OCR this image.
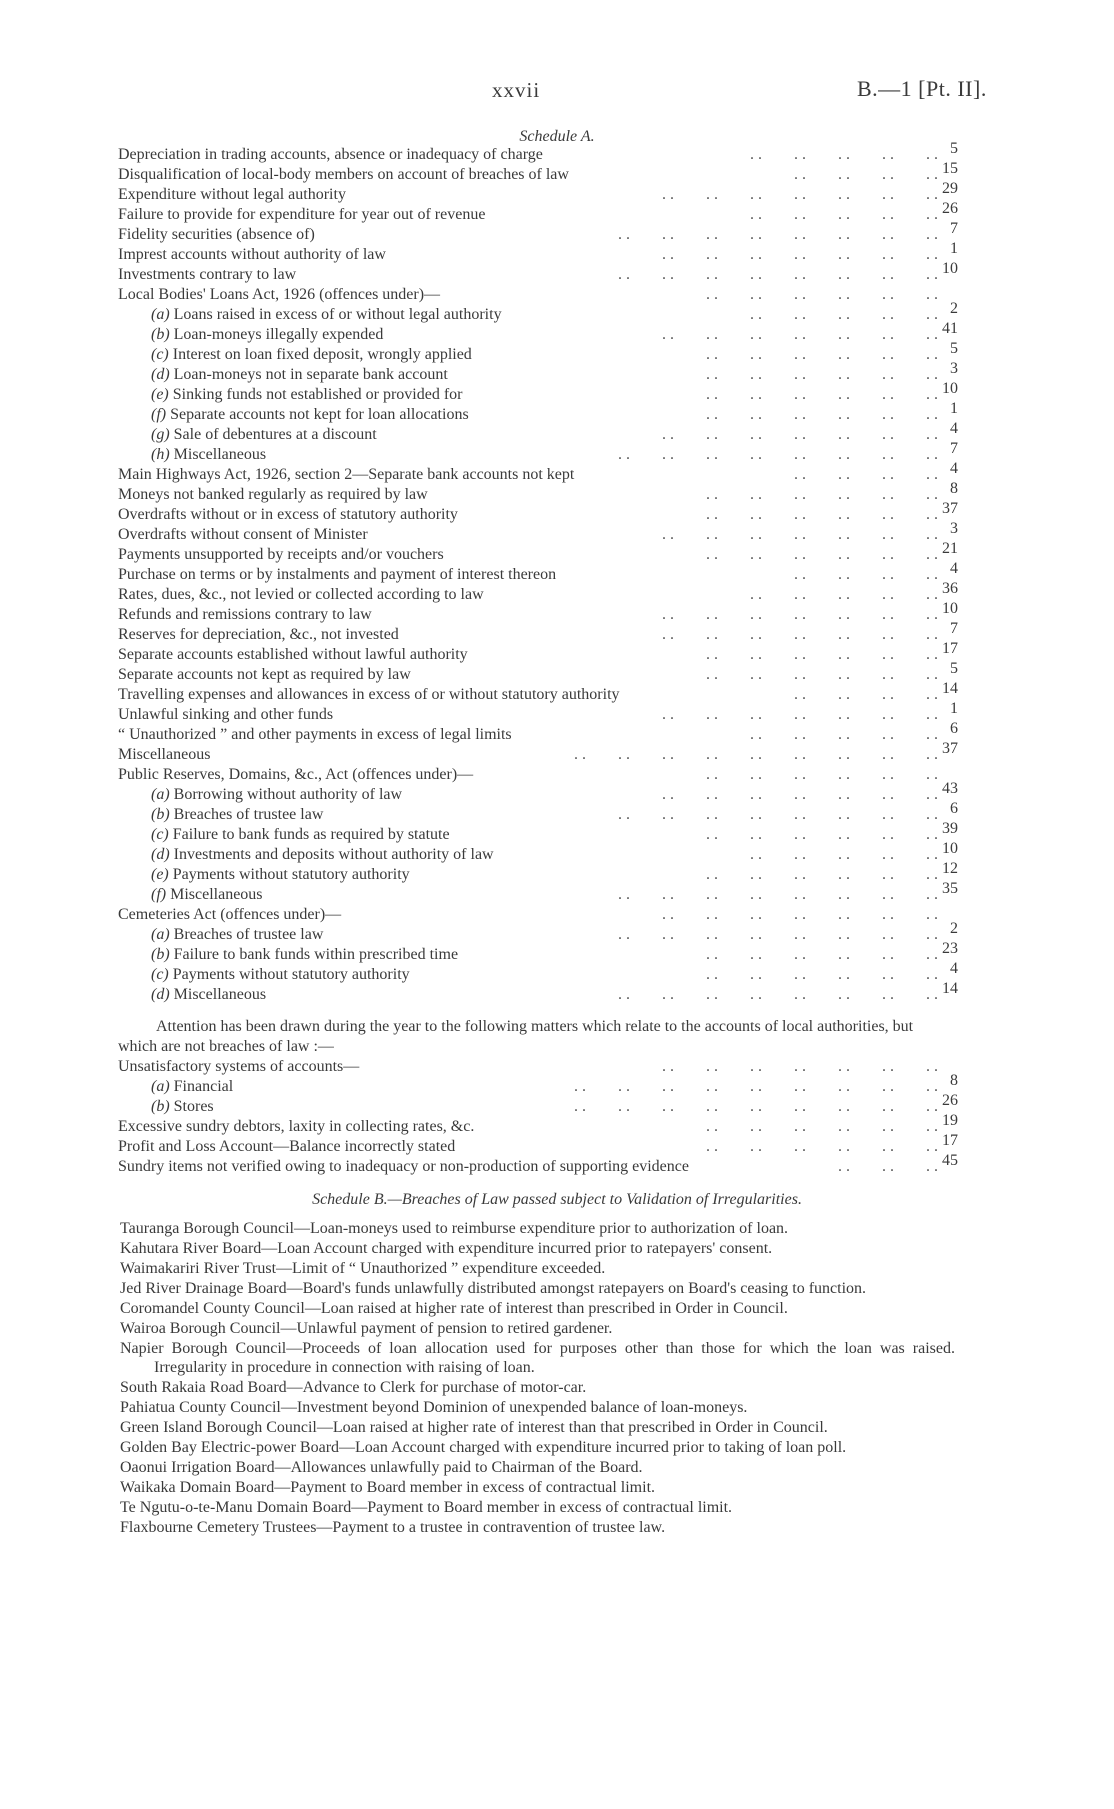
xxvii	B.—1 [Pt. II].
Schedule A.
Depreciation in trading accounts, absence or inadequacy of charge	5
. .        . .        . .        . .        . .
Disqualification of local-body members on account of breaches of law	15
. .        . .        . .        . .
Expenditure without legal authority	29
. .        . .        . .        . .        . .        . .        . .
Failure to provide for expenditure for year out of revenue	26
. .        . .        . .        . .        . .
Fidelity securities (absence of)	7
. .        . .        . .        . .        . .        . .        . .        . .
Imprest accounts without authority of law	1
. .        . .        . .        . .        . .        . .        . .
Investments contrary to law	10
. .        . .        . .        . .        . .        . .        . .        . .
Local Bodies' Loans Act, 1926 (offences under)—	. .        . .        . .        . .        . .        . .
(a) Loans raised in excess of or without legal authority	2
. .        . .        . .        . .        . .
(b) Loan-moneys illegally expended	41
. .        . .        . .        . .        . .        . .        . .
(c) Interest on loan fixed deposit, wrongly applied	5
. .        . .        . .        . .        . .        . .
(d) Loan-moneys not in separate bank account	3
. .        . .        . .        . .        . .        . .
(e) Sinking funds not established or provided for	10
. .        . .        . .        . .        . .        . .
(f) Separate accounts not kept for loan allocations	1
. .        . .        . .        . .        . .        . .
(g) Sale of debentures at a discount	4
. .        . .        . .        . .        . .        . .        . .
(h) Miscellaneous	7
. .        . .        . .        . .        . .        . .        . .        . .
Main Highways Act, 1926, section 2—Separate bank accounts not kept	4
. .        . .        . .        . .
Moneys not banked regularly as required by law	8
. .        . .        . .        . .        . .        . .
Overdrafts without or in excess of statutory authority	37
. .        . .        . .        . .        . .        . .
Overdrafts without consent of Minister	3
. .        . .        . .        . .        . .        . .        . .
Payments unsupported by receipts and/or vouchers	21
. .        . .        . .        . .        . .        . .
Purchase on terms or by instalments and payment of interest thereon	4
. .        . .        . .        . .
Rates, dues, &c., not levied or collected according to law	36
. .        . .        . .        . .        . .
Refunds and remissions contrary to law	10
. .        . .        . .        . .        . .        . .        . .
Reserves for depreciation, &c., not invested	7
. .        . .        . .        . .        . .        . .        . .
Separate accounts established without lawful authority	17
. .        . .        . .        . .        . .        . .
Separate accounts not kept as required by law	5
. .        . .        . .        . .        . .        . .
Travelling expenses and allowances in excess of or without statutory authority	14
. .        . .        . .        . .
Unlawful sinking and other funds	1
. .        . .        . .        . .        . .        . .        . .
“ Unauthorized ” and other payments in excess of legal limits	6
. .        . .        . .        . .        . .
Miscellaneous	37
. .        . .        . .        . .        . .        . .        . .        . .        . .
Public Reserves, Domains, &c., Act (offences under)—	. .        . .        . .        . .        . .        . .
(a) Borrowing without authority of law	43
. .        . .        . .        . .        . .        . .        . .
(b) Breaches of trustee law	6
. .        . .        . .        . .        . .        . .        . .        . .
(c) Failure to bank funds as required by statute	39
. .        . .        . .        . .        . .        . .
(d) Investments and deposits without authority of law	10
. .        . .        . .        . .        . .
(e) Payments without statutory authority	12
. .        . .        . .        . .        . .        . .
(f) Miscellaneous	35
. .        . .        . .        . .        . .        . .        . .        . .
Cemeteries Act (offences under)—	. .        . .        . .        . .        . .        . .        . .
(a) Breaches of trustee law	2
. .        . .        . .        . .        . .        . .        . .        . .
(b) Failure to bank funds within prescribed time	23
. .        . .        . .        . .        . .        . .
(c) Payments without statutory authority	4
. .        . .        . .        . .        . .        . .
(d) Miscellaneous	14
. .        . .        . .        . .        . .        . .        . .        . .

Attention has been drawn during the year to the following matters which relate to the accounts of local authorities, but which are not breaches of law :—

Unsatisfactory systems of accounts—	. .        . .        . .        . .        . .        . .        . .
(a) Financial	8
. .        . .        . .        . .        . .        . .        . .        . .        . .
(b) Stores	26
. .        . .        . .        . .        . .        . .        . .        . .        . .
Excessive sundry debtors, laxity in collecting rates, &c.	19
. .        . .        . .        . .        . .        . .
Profit and Loss Account—Balance incorrectly stated	17
. .        . .        . .        . .        . .        . .
Sundry items not verified owing to inadequacy or non-production of supporting evidence	45
. .        . .        . .
Schedule B.—Breaches of Law passed subject to Validation of Irregularities.

Tauranga Borough Council—Loan-moneys used to reimburse expenditure prior to authorization of loan.

Kahutara River Board—Loan Account charged with expenditure incurred prior to ratepayers' consent.

Waimakariri River Trust—Limit of “ Unauthorized ” expenditure exceeded.

Jed River Drainage Board—Board's funds unlawfully distributed amongst ratepayers on Board's ceasing to function.

Coromandel County Council—Loan raised at higher rate of interest than prescribed in Order in Council.

Wairoa Borough Council—Unlawful payment of pension to retired gardener.

Napier Borough Council—Proceeds of loan allocation used for purposes other than those for which the loan was raised. Irregularity in procedure in connection with raising of loan.

South Rakaia Road Board—Advance to Clerk for purchase of motor-car.

Pahiatua County Council—Investment beyond Dominion of unexpended balance of loan-moneys.

Green Island Borough Council—Loan raised at higher rate of interest than that prescribed in Order in Council.

Golden Bay Electric-power Board—Loan Account charged with expenditure incurred prior to taking of loan poll.

Oaonui Irrigation Board—Allowances unlawfully paid to Chairman of the Board.

Waikaka Domain Board—Payment to Board member in excess of contractual limit.

Te Ngutu-o-te-Manu Domain Board—Payment to Board member in excess of contractual limit.

Flaxbourne Cemetery Trustees—Payment to a trustee in contravention of trustee law.
